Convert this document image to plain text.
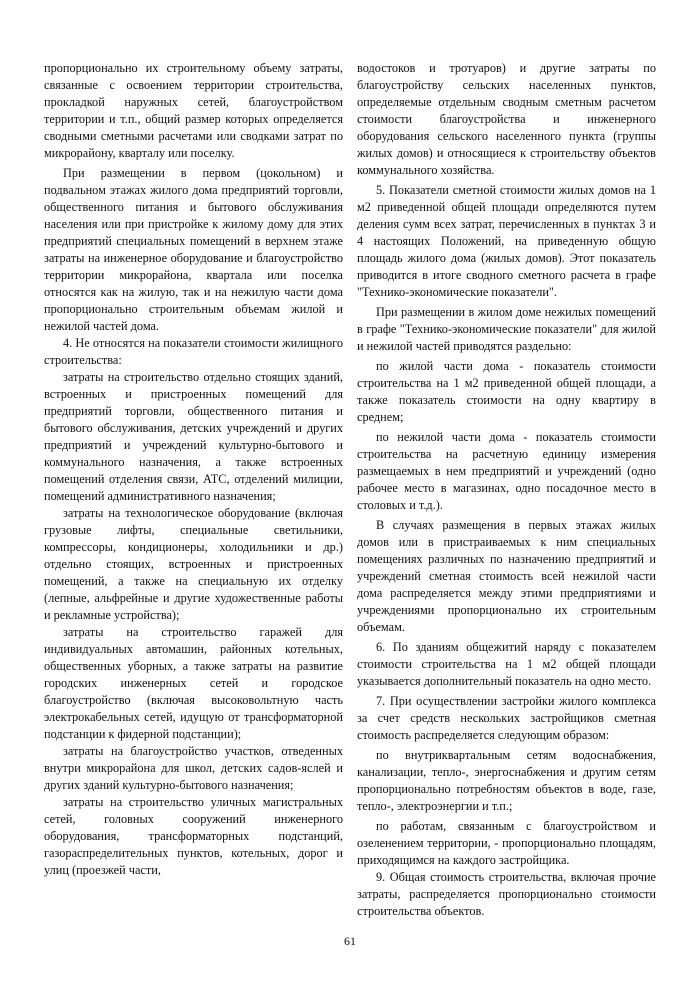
пропорционально их строительному объему затраты, связанные с освоением территории строительства, прокладкой наружных сетей, благоустройством территории и т.п., общий размер которых определяется сводными сметными расчетами или сводками затрат по микрорайону, кварталу или поселку.

При размещении в первом (цокольном) и подвальном этажах жилого дома предприятий торговли, общественного питания и бытового обслуживания населения или при пристройке к жилому дому для этих предприятий специальных помещений в верхнем этаже затраты на инженерное оборудование и благоустройство территории микрорайона, квартала или поселка относятся как на жилую, так и на нежилую части дома пропорционально строительным объемам жилой и нежилой частей дома.

4. Не относятся на показатели стоимости жилищного строительства:

затраты на строительство отдельно стоящих зданий, встроенных и пристроенных помещений для предприятий торговли, общественного питания и бытового обслуживания, детских учреждений и других предприятий и учреждений культурно-бытового и коммунального назначения, а также встроенных помещений отделения связи, АТС, отделений милиции, помещений административного назначения;

затраты на технологическое оборудование (включая грузовые лифты, специальные светильники, компрессоры, кондиционеры, холодильники и др.) отдельно стоящих, встроенных и пристроенных помещений, а также на специальную их отделку (лепные, альфрейные и другие художественные работы и рекламные устройства);

затраты на строительство гаражей для индивидуальных автомашин, районных котельных, общественных уборных, а также затраты на развитие городских инженерных сетей и городское благоустройство (включая высоковольтную часть электрокабельных сетей, идущую от трансформаторной подстанции к фидерной подстанции);

затраты на благоустройство участков, отведенных внутри микрорайона для школ, детских садов-яслей и других зданий культурно-бытового назначения;

затраты на строительство уличных магистральных сетей, головных сооружений инженерного оборудования, трансформаторных подстанций, газораспределительных пунктов, котельных, дорог и улиц (проезжей части,

водостоков и тротуаров) и другие затраты по благоустройству сельских населенных пунктов, определяемые отдельным сводным сметным расчетом стоимости благоустройства и инженерного оборудования сельского населенного пункта (группы жилых домов) и относящиеся к строительству объектов коммунального хозяйства.

5. Показатели сметной стоимости жилых домов на 1 м2 приведенной общей площади определяются путем деления сумм всех затрат, перечисленных в пунктах 3 и 4 настоящих Положений, на приведенную общую площадь жилого дома (жилых домов). Этот показатель приводится в итоге сводного сметного расчета в графе "Технико-экономические показатели".

При размещении в жилом доме нежилых помещений в графе "Технико-экономические показатели" для жилой и нежилой частей приводятся раздельно:

по жилой части дома - показатель стоимости строительства на 1 м2 приведенной общей площади, а также показатель стоимости на одну квартиру в среднем;

по нежилой части дома - показатель стоимости строительства на расчетную единицу измерения размещаемых в нем предприятий и учреждений (одно рабочее место в магазинах, одно посадочное место в столовых и т.д.).

В случаях размещения в первых этажах жилых домов или в пристраиваемых к ним специальных помещениях различных по назначению предприятий и учреждений сметная стоимость всей нежилой части дома распределяется между этими предприятиями и учреждениями пропорционально их строительным объемам.

6. По зданиям общежитий наряду с показателем стоимости строительства на 1 м2 общей площади указывается дополнительный показатель на одно место.

7. При осуществлении застройки жилого комплекса за счет средств нескольких застройщиков сметная стоимость распределяется следующим образом:

по внутриквартальным сетям водоснабжения, канализации, тепло-, энергоснабжения и другим сетям пропорционально потребностям объектов в воде, газе, тепло-, электроэнергии и т.п.;

по работам, связанным с благоустройством и озеленением территории, - пропорционально площадям, приходящимся на каждого застройщика.

9. Общая стоимость строительства, включая прочие затраты, распределяется пропорционально стоимости строительства объектов.

61
